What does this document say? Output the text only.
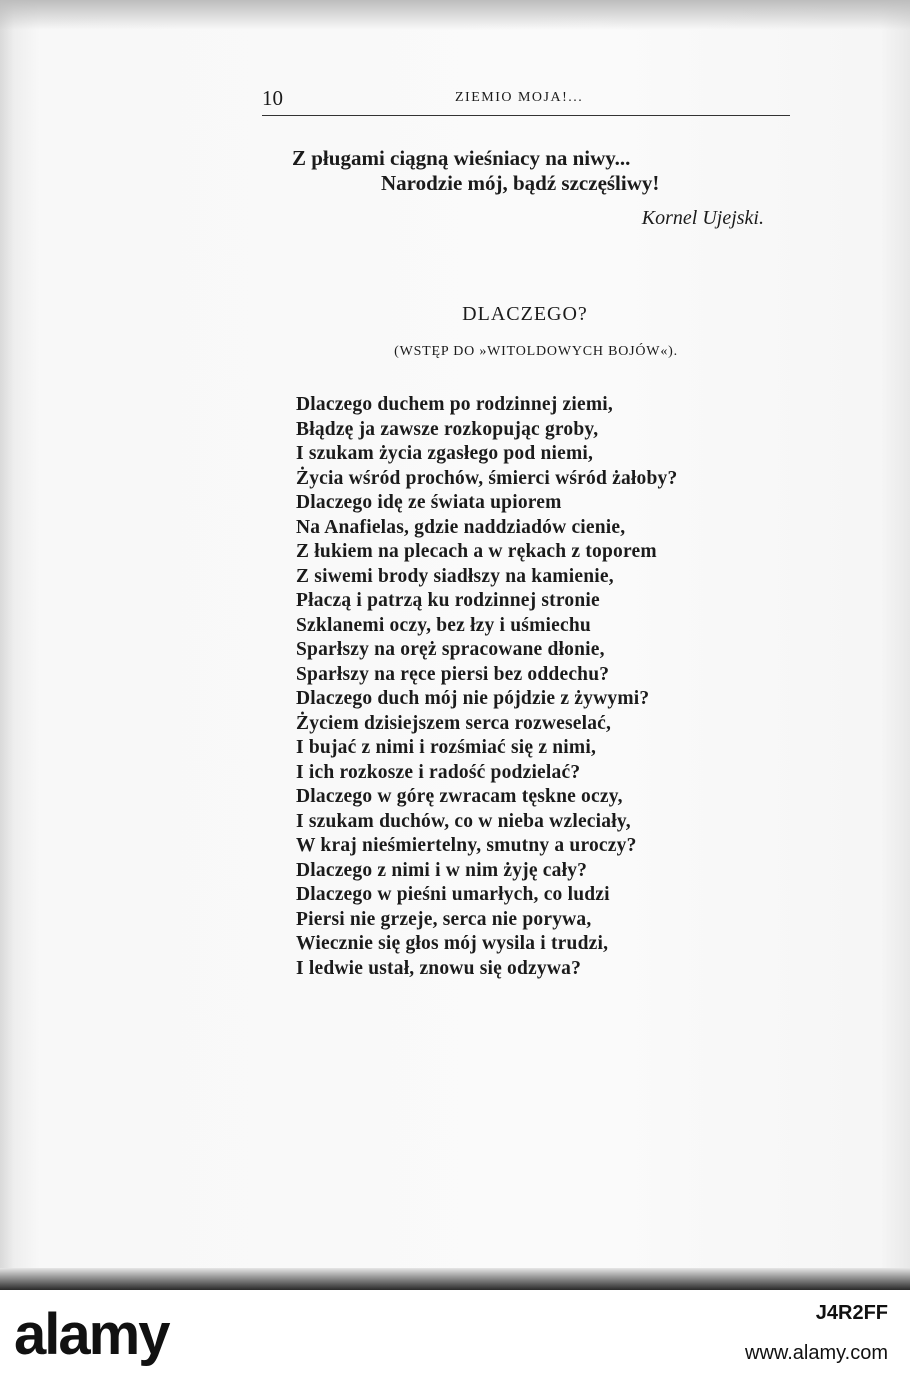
10	ZIEMIO MOJA!...
Z pługami ciągną wieśniacy na niwy...
Narodzie mój, bądź szczęśliwy!
Kornel Ujejski.
DLACZEGO?
(WSTĘP DO »WITOLDOWYCH BOJÓW«).
Dlaczego duchem po rodzinnej ziemi,
Błądzę ja zawsze rozkopując groby,
I szukam życia zgasłego pod niemi,
Życia wśród prochów, śmierci wśród żałoby?
Dlaczego idę ze świata upiorem
Na Anafielas, gdzie naddziadów cienie,
Z łukiem na plecach a w rękach z toporem
Z siwemi brody siadłszy na kamienie,
Płaczą i patrzą ku rodzinnej stronie
Szklanemi oczy, bez łzy i uśmiechu
Sparłszy na oręż spracowane dłonie,
Sparłszy na ręce piersi bez oddechu?
Dlaczego duch mój nie pójdzie z żywymi?
Życiem dzisiejszem serca rozweselać,
I bujać z nimi i rozśmiać się z nimi,
I ich rozkosze i radość podzielać?
Dlaczego w górę zwracam tęskne oczy,
I szukam duchów, co w nieba wzleciały,
W kraj nieśmiertelny, smutny a uroczy?
Dlaczego z nimi i w nim żyję cały?
Dlaczego w pieśni umarłych, co ludzi
Piersi nie grzeje, serca nie porywa,
Wiecznie się głos mój wysila i trudzi,
I ledwie ustał, znowu się odzywa?
alamy	J4R2FF
www.alamy.com
